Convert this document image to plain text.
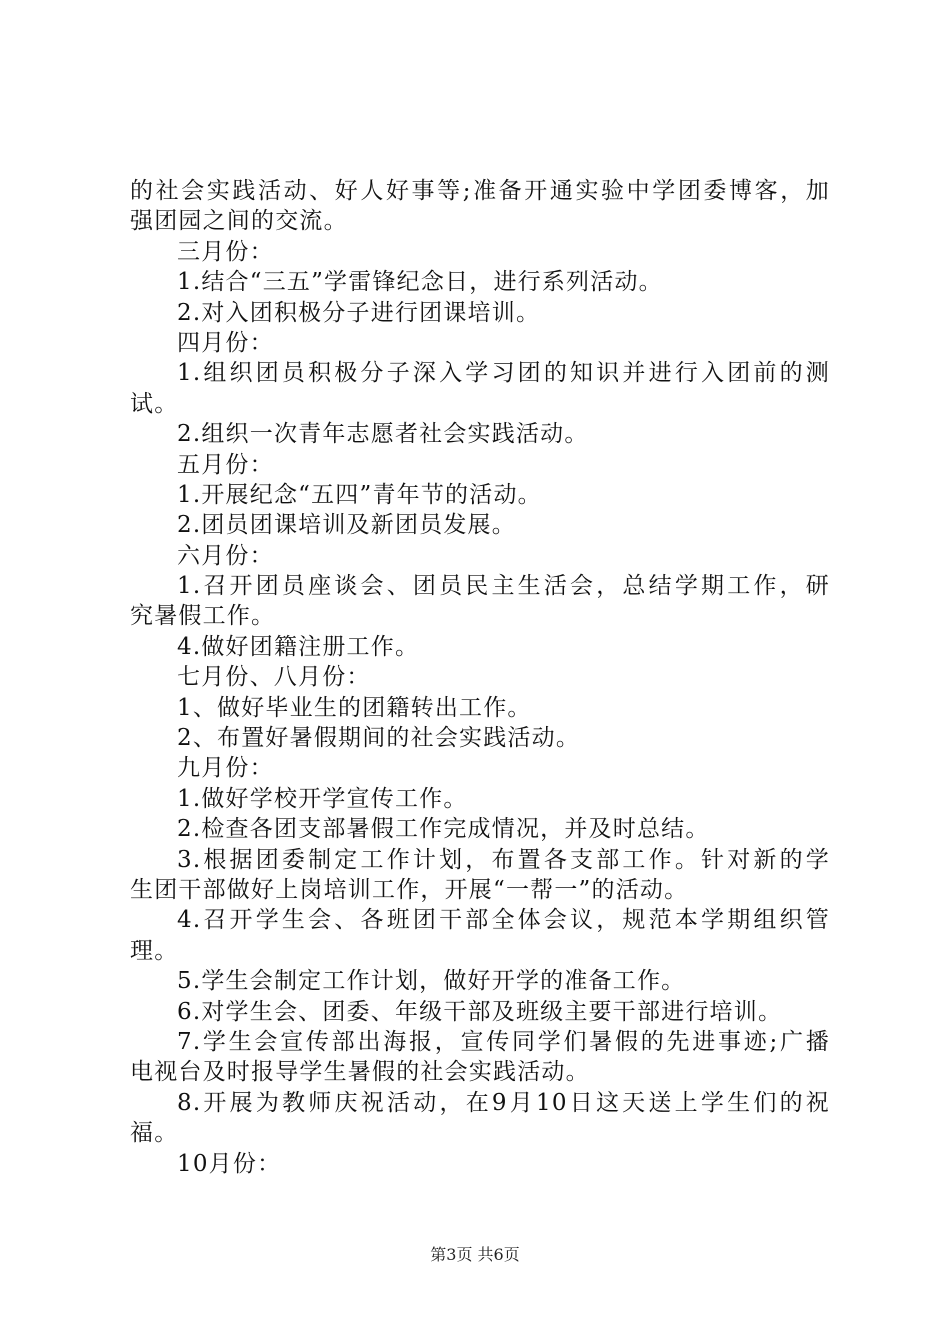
的社会实践活动、好人好事等;准备开通实验中学团委博客，加
强团园之间的交流。
三月份：
1.结合“三五”学雷锋纪念日，进行系列活动。
2.对入团积极分子进行团课培训。
四月份：
1.组织团员积极分子深入学习团的知识并进行入团前的测
试。
2.组织一次青年志愿者社会实践活动。
五月份：
1.开展纪念“五四”青年节的活动。
2.团员团课培训及新团员发展。
六月份：
1.召开团员座谈会、团员民主生活会，总结学期工作，研
究暑假工作。
4.做好团籍注册工作。
七月份、八月份：
1、做好毕业生的团籍转出工作。
2、布置好暑假期间的社会实践活动。
九月份：
1.做好学校开学宣传工作。
2.检查各团支部暑假工作完成情况，并及时总结。
3.根据团委制定工作计划，布置各支部工作。针对新的学
生团干部做好上岗培训工作，开展“一帮一”的活动。
4.召开学生会、各班团干部全体会议，规范本学期组织管
理。
5.学生会制定工作计划，做好开学的准备工作。
6.对学生会、团委、年级干部及班级主要干部进行培训。
7.学生会宣传部出海报，宣传同学们暑假的先进事迹;广播
电视台及时报导学生暑假的社会实践活动。
8.开展为教师庆祝活动，在9月10日这天送上学生们的祝
福。
10月份：
第3页 共6页
